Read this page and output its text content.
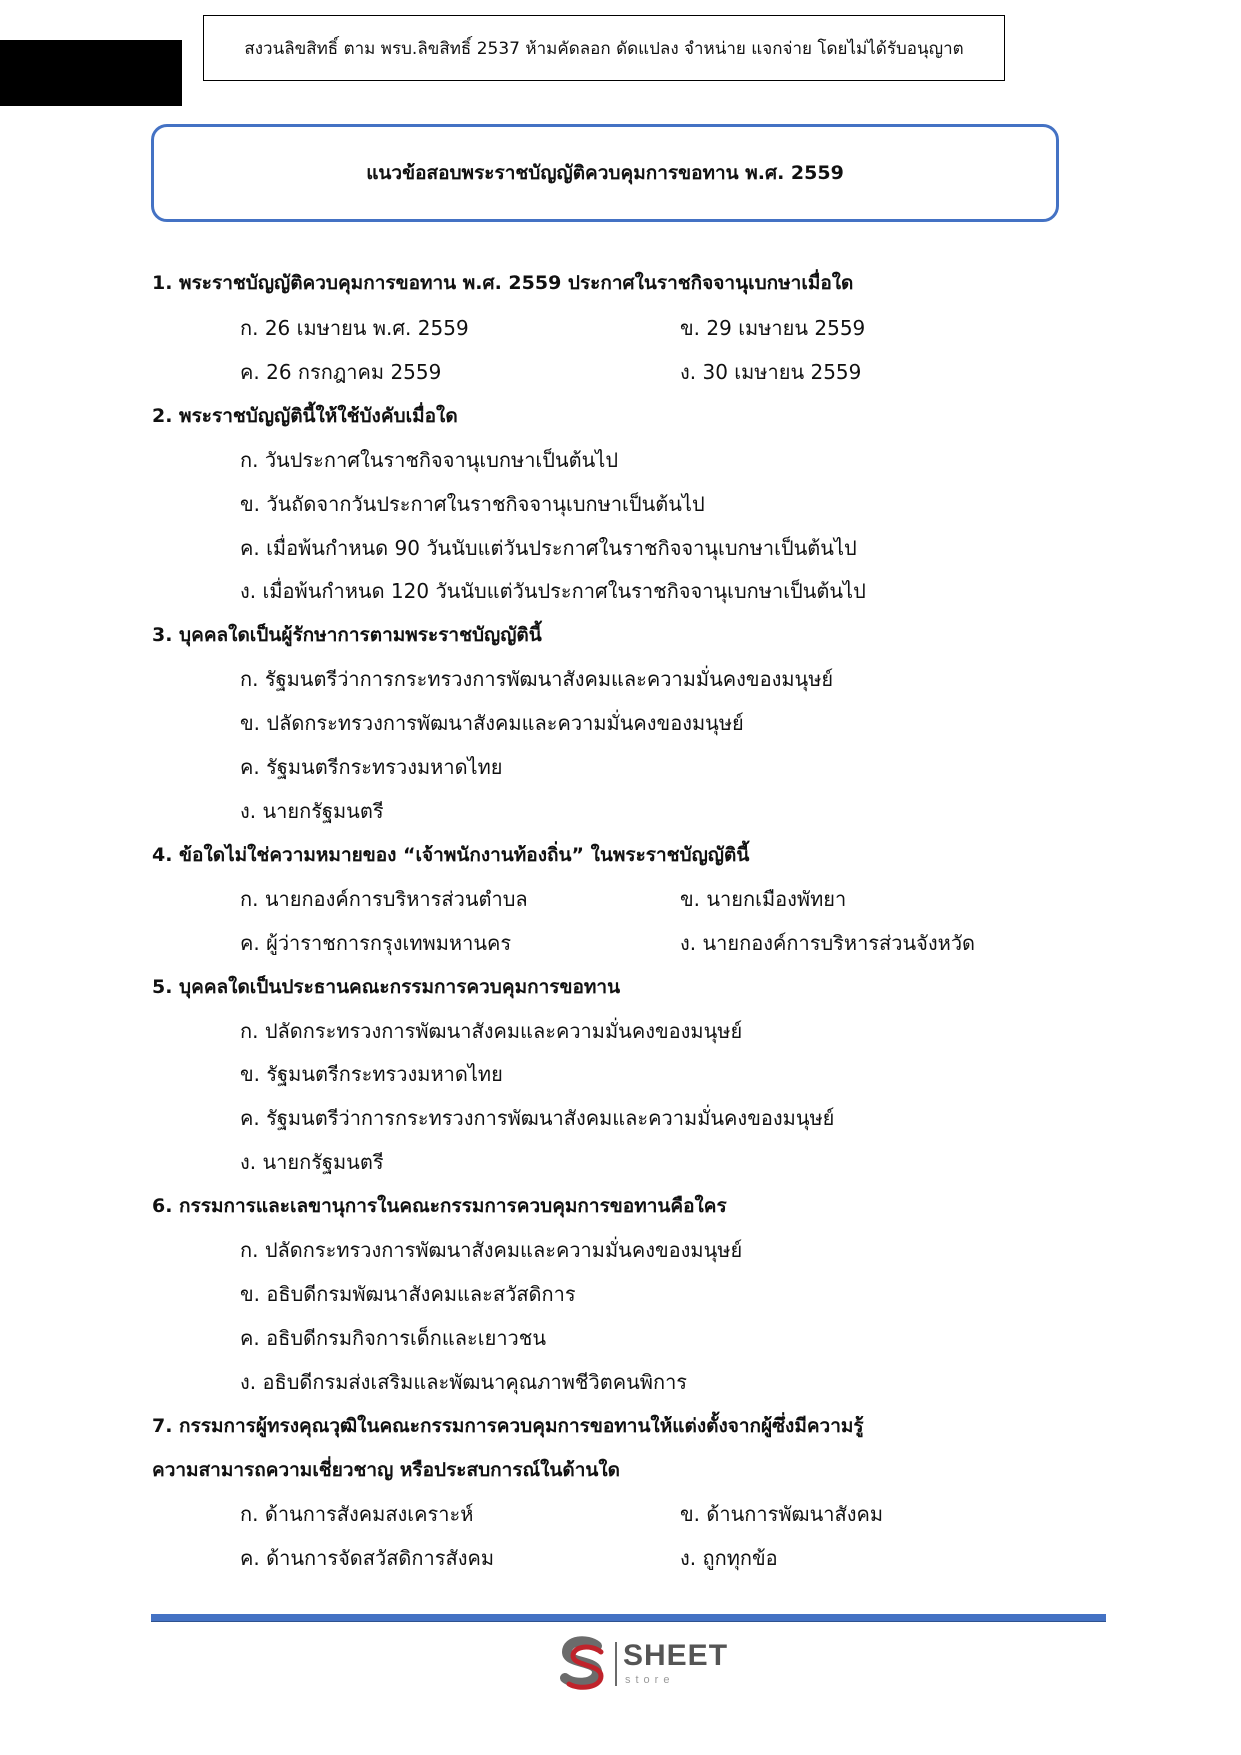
58
สงวนลิขสิทธิ์ ตาม พรบ.ลิขสิทธิ์ 2537 ห้ามคัดลอก ดัดแปลง จำหน่าย แจกจ่าย โดยไม่ได้รับอนุญาต
แนวข้อสอบพระราชบัญญัติควบคุมการขอทาน พ.ศ. 2559
1. พระราชบัญญัติควบคุมการขอทาน พ.ศ. 2559 ประกาศในราชกิจจานุเบกษาเมื่อใด
ก. 26 เมษายน พ.ศ. 2559	ข. 29 เมษายน 2559
ค. 26 กรกฎาคม 2559	ง. 30 เมษายน 2559
2. พระราชบัญญัตินี้ให้ใช้บังคับเมื่อใด
ก. วันประกาศในราชกิจจานุเบกษาเป็นต้นไป
ข. วันถัดจากวันประกาศในราชกิจจานุเบกษาเป็นต้นไป
ค. เมื่อพ้นกำหนด 90 วันนับแต่วันประกาศในราชกิจจานุเบกษาเป็นต้นไป
ง. เมื่อพ้นกำหนด 120 วันนับแต่วันประกาศในราชกิจจานุเบกษาเป็นต้นไป
3. บุคคลใดเป็นผู้รักษาการตามพระราชบัญญัตินี้
ก. รัฐมนตรีว่าการกระทรวงการพัฒนาสังคมและความมั่นคงของมนุษย์
ข. ปลัดกระทรวงการพัฒนาสังคมและความมั่นคงของมนุษย์
ค. รัฐมนตรีกระทรวงมหาดไทย
ง. นายกรัฐมนตรี
4. ข้อใดไม่ใช่ความหมายของ “เจ้าพนักงานท้องถิ่น” ในพระราชบัญญัตินี้
ก. นายกองค์การบริหารส่วนตำบล	ข. นายกเมืองพัทยา
ค. ผู้ว่าราชการกรุงเทพมหานคร	ง. นายกองค์การบริหารส่วนจังหวัด
5. บุคคลใดเป็นประธานคณะกรรมการควบคุมการขอทาน
ก. ปลัดกระทรวงการพัฒนาสังคมและความมั่นคงของมนุษย์
ข. รัฐมนตรีกระทรวงมหาดไทย
ค. รัฐมนตรีว่าการกระทรวงการพัฒนาสังคมและความมั่นคงของมนุษย์
ง. นายกรัฐมนตรี
6. กรรมการและเลขานุการในคณะกรรมการควบคุมการขอทานคือใคร
ก. ปลัดกระทรวงการพัฒนาสังคมและความมั่นคงของมนุษย์
ข. อธิบดีกรมพัฒนาสังคมและสวัสดิการ
ค. อธิบดีกรมกิจการเด็กและเยาวชน
ง. อธิบดีกรมส่งเสริมและพัฒนาคุณภาพชีวิตคนพิการ
7. กรรมการผู้ทรงคุณวุฒิในคณะกรรมการควบคุมการขอทานให้แต่งตั้งจากผู้ซึ่งมีความรู้
ความสามารถความเชี่ยวชาญ หรือประสบการณ์ในด้านใด
ก. ด้านการสังคมสงเคราะห์	ข. ด้านการพัฒนาสังคม
ค. ด้านการจัดสวัสดิการสังคม	ง. ถูกทุกข้อ
SHEET
store
